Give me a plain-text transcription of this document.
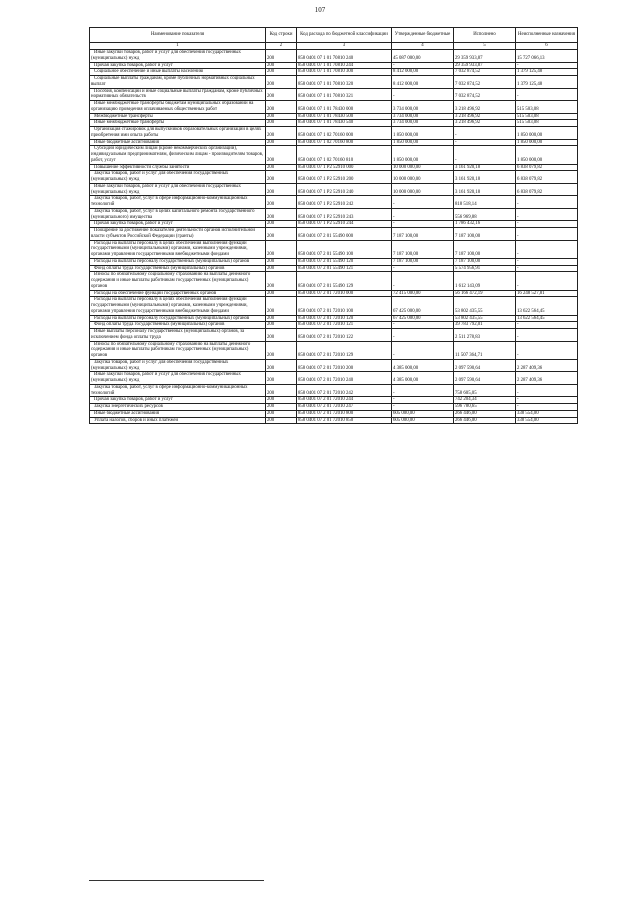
107
Наименование показателя	Код строки	Код расхода по бюджетной классификации	Утвержденные бюджетные	Исполнено	Неисполненные назначения
1	2	3	4	5	6
Иные закупки товаров, работ и услуг для обеспечения государственных (муниципальных) нужд	200	858 0401 07 1 01 70810 240	45 087 000,00	29 359 933,87	15 727 066,13
Прочая закупка товаров, работ и услуг	200	858 0401 07 1 01 70810 244	-	29 359 933,87	-
Социальное обеспечение и иные выплаты населению	200	858 0401 07 1 01 70810 300	8 412 000,00	7 032 874,52	1 379 125,48
Социальные выплаты гражданам, кроме публичных нормативных социальных выплат	200	858 0401 07 1 01 70810 320	8 412 000,00	7 032 874,52	1 379 125,48
Пособия, компенсации и иные социальные выплаты гражданам, кроме публичных нормативных обязательств	200	858 0401 07 1 01 70810 321	-	7 032 874,52	-
Иные межбюджетные трансферты бюджетам муниципальных образований на организацию проведения оплачиваемых общественных работ	200	858 0401 07 1 01 78430 000	3 734 000,00	3 218 496,92	515 503,08
Межбюджетные трансферты	200	858 0401 07 1 01 78430 500	3 734 000,00	3 218 496,92	515 503,08
Иные межбюджетные трансферты	200	858 0401 07 1 01 78430 540	3 734 000,00	3 218 496,92	515 503,08
Организация стажировок для выпускников образовательных организаций в целях приобретения ими опыта работы	200	858 0401 07 1 02 70160 000	1 850 000,00	-	1 850 000,00
Иные бюджетные ассигнования	200	858 0401 07 1 02 70160 800	1 850 000,00	-	1 850 000,00
Субсидии юридическим лицам (кроме некоммерческих организаций), индивидуальным предпринимателям, физическим лицам - производителям товаров, работ, услуг	200	858 0401 07 1 02 70160 810	1 850 000,00	-	1 850 000,00
Повышение эффективности службы занятости	200	858 0401 07 1 P2 52910 000	10 000 000,00	3 161 920,18	6 838 079,82
Закупка товаров, работ и услуг для обеспечения государственных (муниципальных) нужд	200	858 0401 07 1 P2 52910 200	10 000 000,00	3 161 920,18	6 838 079,82
Иные закупки товаров, работ и услуг для обеспечения государственных (муниципальных) нужд	200	858 0401 07 1 P2 52910 240	10 000 000,00	3 161 920,18	6 838 079,82
Закупка товаров, работ, услуг в сфере информационно-коммуникационных технологий	200	858 0401 07 1 P2 52910 242	-	818 518,14	-
Закупка товаров, работ, услуг в целях капитального ремонта государственного (муниципального) имущества	200	858 0401 07 1 P2 52910 243	-	556 969,88	-
Прочая закупка товаров, работ и услуг	200	858 0401 07 1 P2 52910 244	-	1 786 432,16	-
Поощрение за достижение показателей деятельности органов исполнительной власти субъектов Российской Федерации (гранты)	200	858 0401 07 2 01 55490 000	7 187 100,00	7 187 100,00	-
Расходы на выплаты персоналу в целях обеспечения выполнения функций государственными (муниципальными) органами, казенными учреждениями, органами управления государственными внебюджетными фондами	200	858 0401 07 2 01 55490 100	7 187 100,00	7 187 100,00	-
Расходы на выплаты персоналу государственных (муниципальных) органов	200	858 0401 07 2 01 55490 120	7 187 100,00	7 187 100,00	-
Фонд оплаты труда государственных (муниципальных) органов	200	858 0401 07 2 01 55490 121	-	5 574 956,91	-
Взносы по обязательному социальному страхованию на выплаты денежного содержания и иные выплаты работникам государственных (муниципальных) органов	200	858 0401 07 2 01 55490 129	-	1 612 143,09	-
Расходы на обеспечение функций государственных органов	200	858 0401 07 2 01 72010 000	72 415 000,00	56 166 472,19	16 248 527,81
Расходы на выплаты персоналу в целях обеспечения выполнения функций государственными (муниципальными) органами, казенными учреждениями, органами управления государственными внебюджетными фондами	200	858 0401 07 2 01 72010 100	67 425 000,00	53 802 435,55	13 622 564,45
Расходы на выплаты персоналу государственных (муниципальных) органов	200	858 0401 07 2 01 72010 120	67 425 000,00	53 802 435,55	13 622 564,45
Фонд оплаты труда государственных (муниципальных) органов	200	858 0401 07 2 01 72010 121	-	39 783 792,01	-
Иные выплаты персоналу государственных (муниципальных) органов, за исключением фонда оплаты труда	200	858 0401 07 2 01 72010 122	-	2 511 278,83	-
Взносы по обязательному социальному страхованию на выплаты денежного содержания и иные выплаты работникам государственных (муниципальных) органов	200	858 0401 07 2 01 72010 129	-	11 507 364,71	-
Закупка товаров, работ и услуг для обеспечения государственных (муниципальных) нужд	200	858 0401 07 2 01 72010 200	4 385 000,00	2 097 590,64	2 287 409,36
Иные закупки товаров, работ и услуг для обеспечения государственных (муниципальных) нужд	200	858 0401 07 2 01 72010 240	4 385 000,00	2 097 590,64	2 287 409,36
Закупка товаров, работ, услуг в сфере информационно-коммуникационных технологий	200	858 0401 07 2 01 72010 242	-	758 605,05	-
Прочая закупка товаров, работ и услуг	200	858 0401 07 2 01 72010 244	-	742 204,34	-
Закупка энергетических ресурсов	200	858 0401 07 2 01 72010 247	-	596 780,65	-
Иные бюджетные ассигнования	200	858 0401 07 2 01 72010 800	605 000,00	266 446,00	338 554,00
Уплата налогов, сборов и иных платежей	200	858 0401 07 2 01 72010 850	605 000,00	266 446,00	338 554,00
